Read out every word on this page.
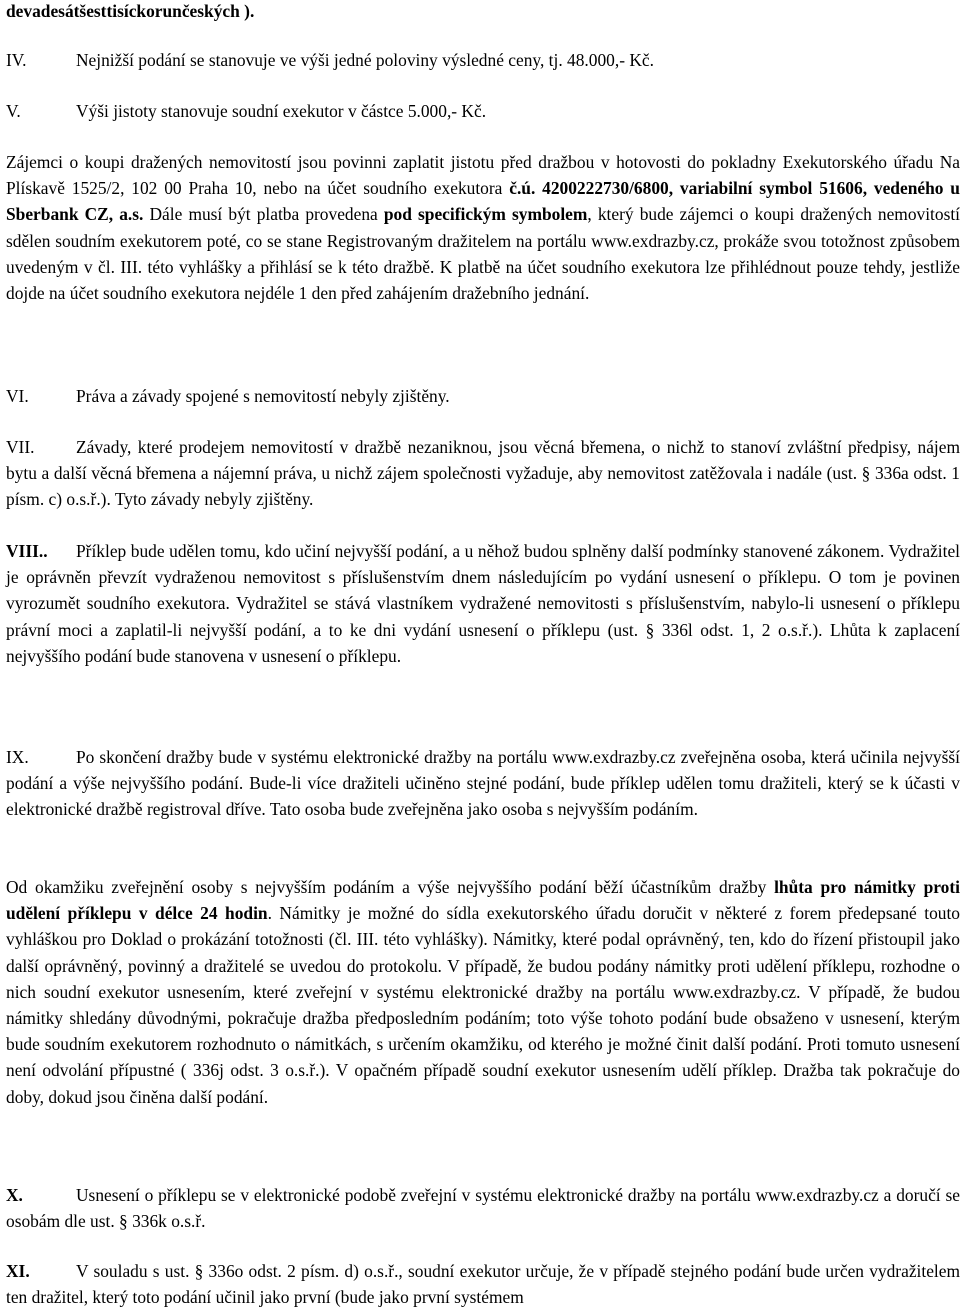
devadesátšesttisíckorunčeských ).

IV.	Nejnižší podání se stanovuje ve výši jedné poloviny výsledné ceny, tj. 48.000,- Kč.

V.	Výši jistoty stanovuje soudní exekutor v částce 5.000,- Kč.

Zájemci o koupi dražených nemovitostí jsou povinni zaplatit jistotu před dražbou v hotovosti do pokladny Exekutorského úřadu Na Plískavě 1525/2, 102 00 Praha 10, nebo na účet soudního exekutora č.ú. 4200222730/6800, variabilní symbol 51606, vedeného u Sberbank CZ, a.s. Dále musí být platba provedena pod specifickým symbolem, který bude zájemci o koupi dražených nemovitostí sdělen soudním exekutorem poté, co se stane Registrovaným dražitelem na portálu www.exdrazby.cz, prokáže svou totožnost způsobem uvedeným v čl. III. této vyhlášky a přihlásí se k této dražbě. K platbě na účet soudního exekutora lze přihlédnout pouze tehdy, jestliže dojde na účet soudního exekutora nejdéle 1 den před zahájením dražebního jednání.

VI.	Práva a závady spojené s nemovitostí nebyly zjištěny.

VII. Závady, které prodejem nemovitostí v dražbě nezaniknou, jsou věcná břemena, o nichž to stanoví zvláštní předpisy, nájem bytu a další věcná břemena a nájemní práva, u nichž zájem společnosti vyžaduje, aby nemovitost zatěžovala i nadále (ust. § 336a odst. 1 písm. c) o.s.ř.). Tyto závady nebyly zjištěny.

VIII.. Příklep bude udělen tomu, kdo učiní nejvyšší podání, a u něhož budou splněny další podmínky stanovené zákonem. Vydražitel je oprávněn převzít vydraženou nemovitost s příslušenstvím dnem následujícím po vydání usnesení o příklepu. O tom je povinen vyrozumět soudního exekutora. Vydražitel se stává vlastníkem vydražené nemovitosti s příslušenstvím, nabylo-li usnesení o příklepu právní moci a zaplatil-li nejvyšší podání, a to ke dni vydání usnesení o příklepu (ust. § 336l odst. 1, 2 o.s.ř.). Lhůta k zaplacení nejvyššího podání bude stanovena v usnesení o příklepu.

IX.	Po skončení dražby bude v systému elektronické dražby na portálu www.exdrazby.cz zveřejněna osoba, která učinila nejvyšší podání a výše nejvyššího podání. Bude-li více dražiteli učiněno stejné podání, bude příklep udělen tomu dražiteli, který se k účasti v elektronické dražbě registroval dříve. Tato osoba bude zveřejněna jako osoba s nejvyšším podáním.

Od okamžiku zveřejnění osoby s nejvyšším podáním a výše nejvyššího podání běží účastníkům dražby lhůta pro námitky proti udělení příklepu v délce 24 hodin. Námitky je možné do sídla exekutorského úřadu doručit v některé z forem předepsané touto vyhláškou pro Doklad o prokázání totožnosti (čl. III. této vyhlášky). Námitky, které podal oprávněný, ten, kdo do řízení přistoupil jako další oprávněný, povinný a dražitelé se uvedou do protokolu. V případě, že budou podány námitky proti udělení příklepu, rozhodne o nich soudní exekutor usnesením, které zveřejní v systému elektronické dražby na portálu www.exdrazby.cz. V případě, že budou námitky shledány důvodnými, pokračuje dražba předposledním podáním; toto výše tohoto podání bude obsaženo v usnesení, kterým bude soudním exekutorem rozhodnuto o námitkách, s určením okamžiku, od kterého je možné činit další podání. Proti tomuto usnesení není odvolání přípustné ( 336j odst. 3 o.s.ř.). V opačném případě soudní exekutor usnesením udělí příklep. Dražba tak pokračuje do doby, dokud jsou činěna další podání.

X.	Usnesení o příklepu se v elektronické podobě zveřejní v systému elektronické dražby na portálu www.exdrazby.cz a doručí se osobám dle ust. § 336k o.s.ř.

XI.	V souladu s ust. § 336o odst. 2 písm. d) o.s.ř., soudní exekutor určuje, že v případě stejného podání bude určen vydražitelem ten dražitel, který toto podání učinil jako první (bude jako první systémem
